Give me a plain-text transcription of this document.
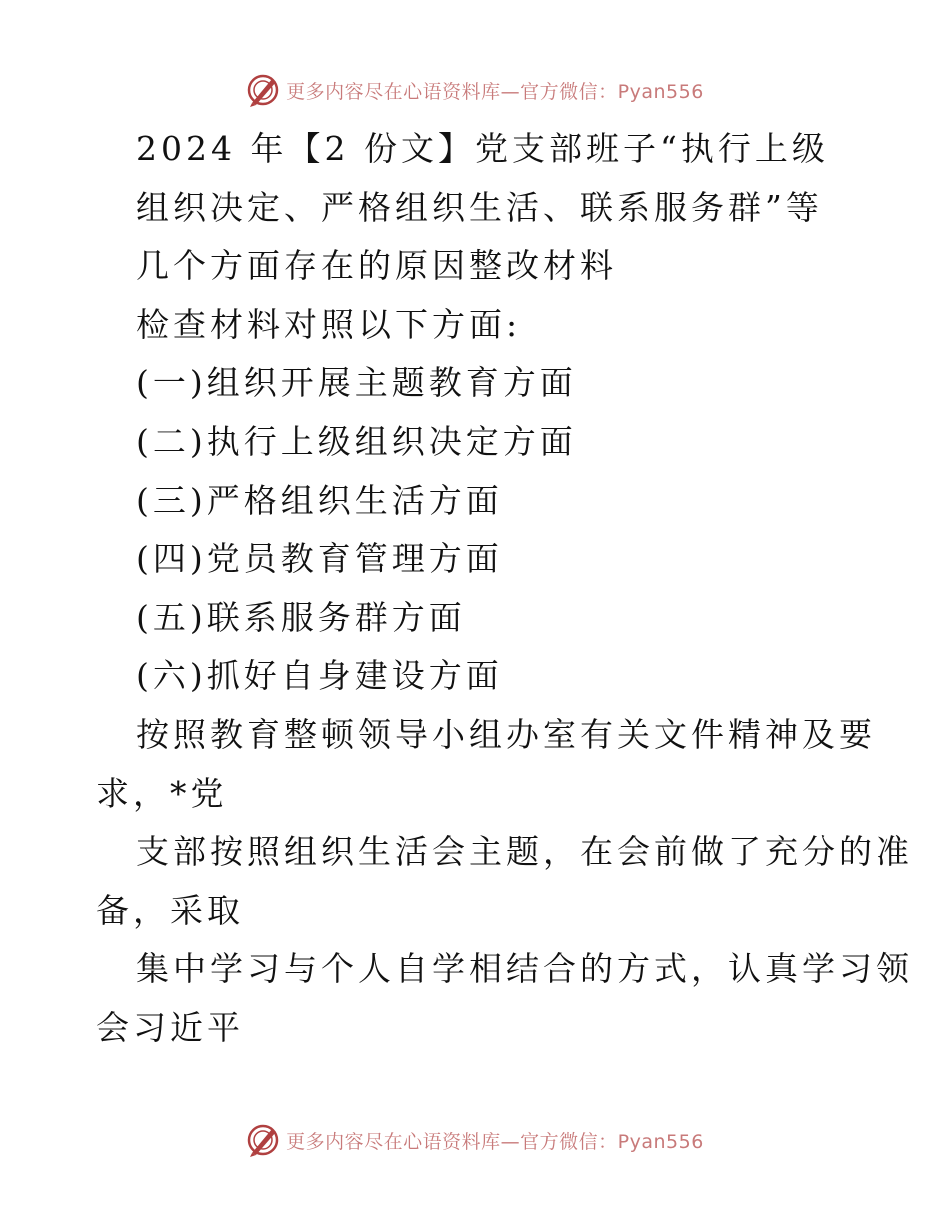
更多内容尽在心语资料库—官方微信：Pyan556
2024 年【2 份文】党支部班子“执行上级
组织决定、严格组织生活、联系服务群”等
几个方面存在的原因整改材料
检查材料对照以下方面:
(一)组织开展主题教育方面
(二)执行上级组织决定方面
(三)严格组织生活方面
(四)党员教育管理方面
(五)联系服务群方面
(六)抓好自身建设方面
按照教育整顿领导小组办室有关文件精神及要
求，*党
支部按照组织生活会主题，在会前做了充分的准
备，采取
集中学习与个人自学相结合的方式，认真学习领
会习近平
更多内容尽在心语资料库—官方微信：Pyan556
